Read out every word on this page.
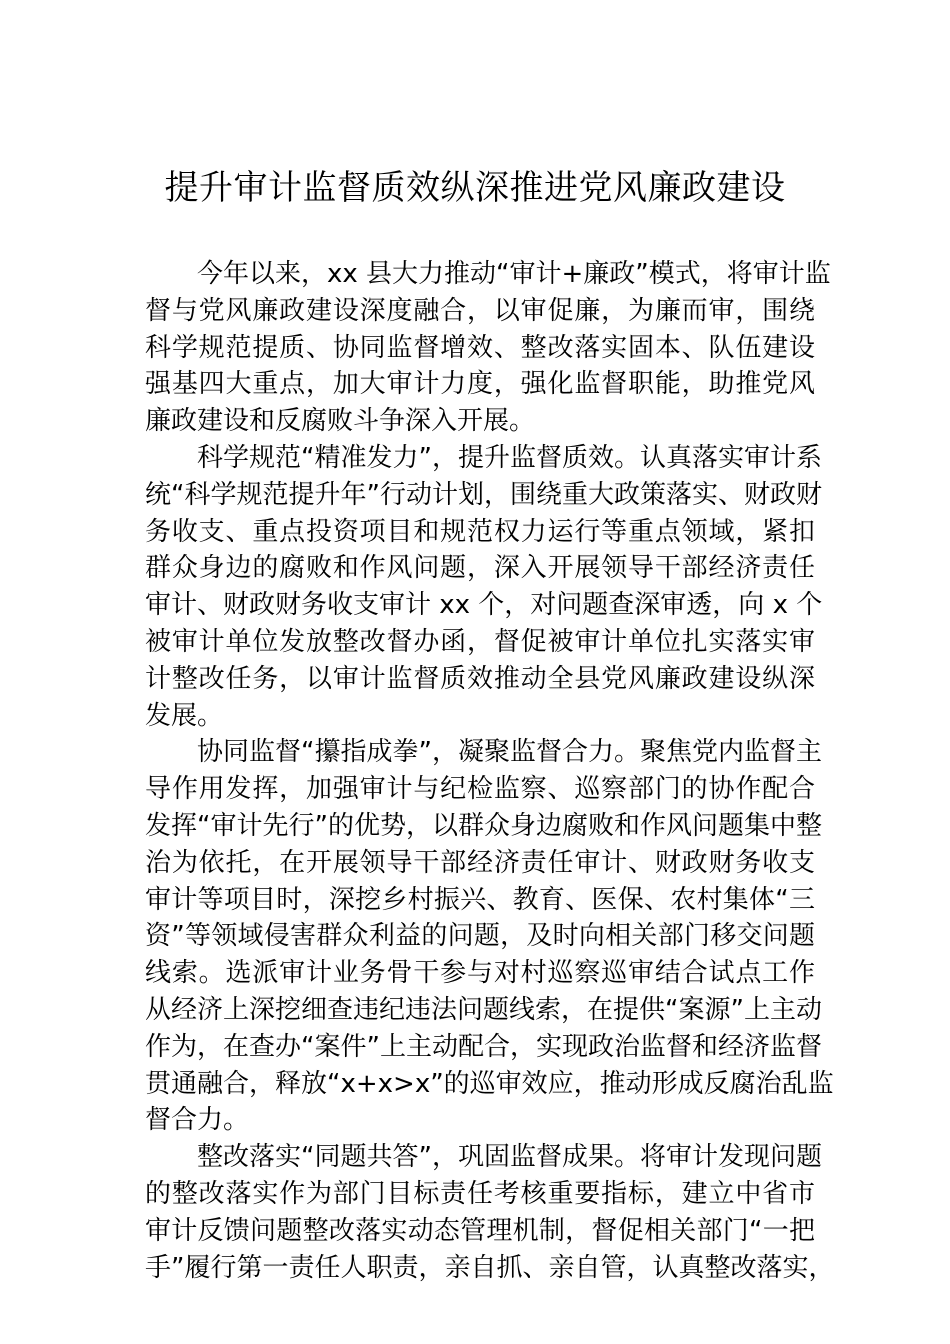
提升审计监督质效纵深推进党风廉政建设
今年以来，xx 县大力推动“审计+廉政”模式，将审计监
督与党风廉政建设深度融合，以审促廉，为廉而审，围绕
科学规范提质、协同监督增效、整改落实固本、队伍建设
强基四大重点，加大审计力度，强化监督职能，助推党风
廉政建设和反腐败斗争深入开展。
科学规范“精准发力”，提升监督质效。认真落实审计系
统“科学规范提升年”行动计划，围绕重大政策落实、财政财
务收支、重点投资项目和规范权力运行等重点领域，紧扣
群众身边的腐败和作风问题，深入开展领导干部经济责任
审计、财政财务收支审计 xx 个，对问题查深审透，向 x 个
被审计单位发放整改督办函，督促被审计单位扎实落实审
计整改任务，以审计监督质效推动全县党风廉政建设纵深
发展。
协同监督“攥指成拳”，凝聚监督合力。聚焦党内监督主
导作用发挥，加强审计与纪检监察、巡察部门的协作配合
发挥“审计先行”的优势，以群众身边腐败和作风问题集中整
治为依托，在开展领导干部经济责任审计、财政财务收支
审计等项目时，深挖乡村振兴、教育、医保、农村集体“三
资”等领域侵害群众利益的问题，及时向相关部门移交问题
线索。选派审计业务骨干参与对村巡察巡审结合试点工作
从经济上深挖细查违纪违法问题线索，在提供“案源”上主动
作为，在查办“案件”上主动配合，实现政治监督和经济监督
贯通融合，释放“x+x>x”的巡审效应，推动形成反腐治乱监
督合力。
整改落实“同题共答”，巩固监督成果。将审计发现问题
的整改落实作为部门目标责任考核重要指标，建立中省市
审计反馈问题整改落实动态管理机制，督促相关部门“一把
手”履行第一责任人职责，亲自抓、亲自管，认真整改落实，
